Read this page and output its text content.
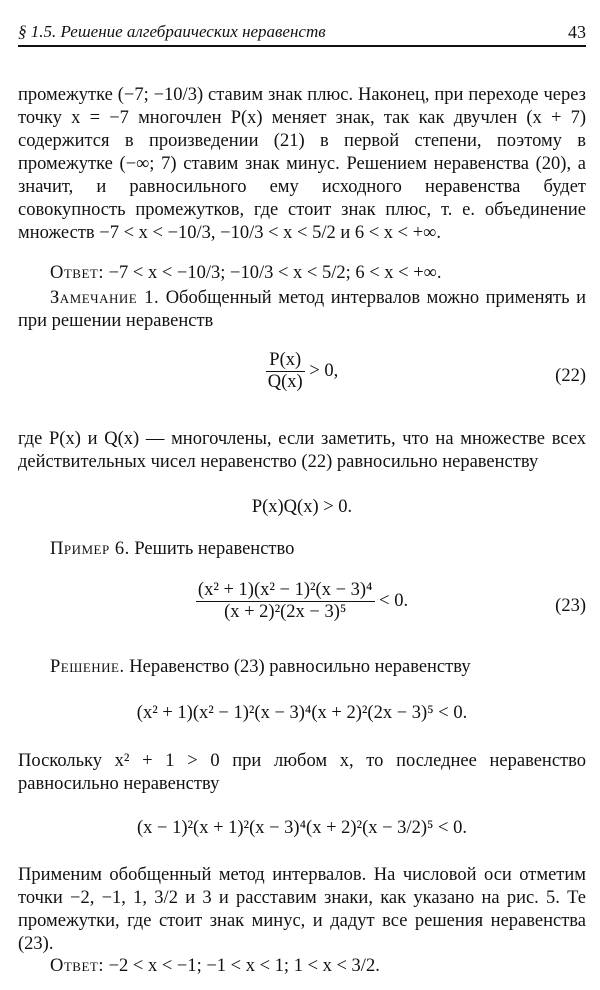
§ 1.5. Решение алгебраических неравенств	43
промежутке (−7; −10/3) ставим знак плюс. Наконец, при переходе через точку x = −7 многочлен P(x) меняет знак, так как двучлен (x + 7) содержится в произведении (21) в первой степени, поэтому в промежутке (−∞; 7) ставим знак минус. Решением неравенства (20), а значит, и равносильного ему исходного неравенства будет совокупность промежутков, где стоит знак плюс, т. е. объединение множеств −7 < x < −10/3, −10/3 < x < 5/2 и 6 < x < +∞.
Ответ: −7 < x < −10/3; −10/3 < x < 5/2; 6 < x < +∞.
Замечание 1. Обобщенный метод интервалов можно применять и при решении неравенств
$\frac{P(x)}{Q(x)} > 0$,	(22)
где P(x) и Q(x) — многочлены, если заметить, что на множестве всех действительных чисел неравенство (22) равносильно неравенству
P(x)Q(x) > 0.
Пример 6. Решить неравенство
$\frac{\text{(x² + 1)(x² − 1)²(x − 3)⁴}}{\text{(x + 2)²(2x − 3)⁵}} < 0$.	(23)
Решение. Неравенство (23) равносильно неравенству
(x² + 1)(x² − 1)²(x − 3)⁴(x + 2)²(2x − 3)⁵ < 0.
Поскольку x² + 1 > 0 при любом x, то последнее неравенство равносильно неравенству
(x − 1)²(x + 1)²(x − 3)⁴(x + 2)²(x − 3/2)⁵ < 0.
Применим обобщенный метод интервалов. На числовой оси отметим точки −2, −1, 1, 3/2 и 3 и расставим знаки, как указано на рис. 5. Те промежутки, где стоит знак минус, и дадут все решения неравенства (23).
Ответ: −2 < x < −1; −1 < x < 1; 1 < x < 3/2.
